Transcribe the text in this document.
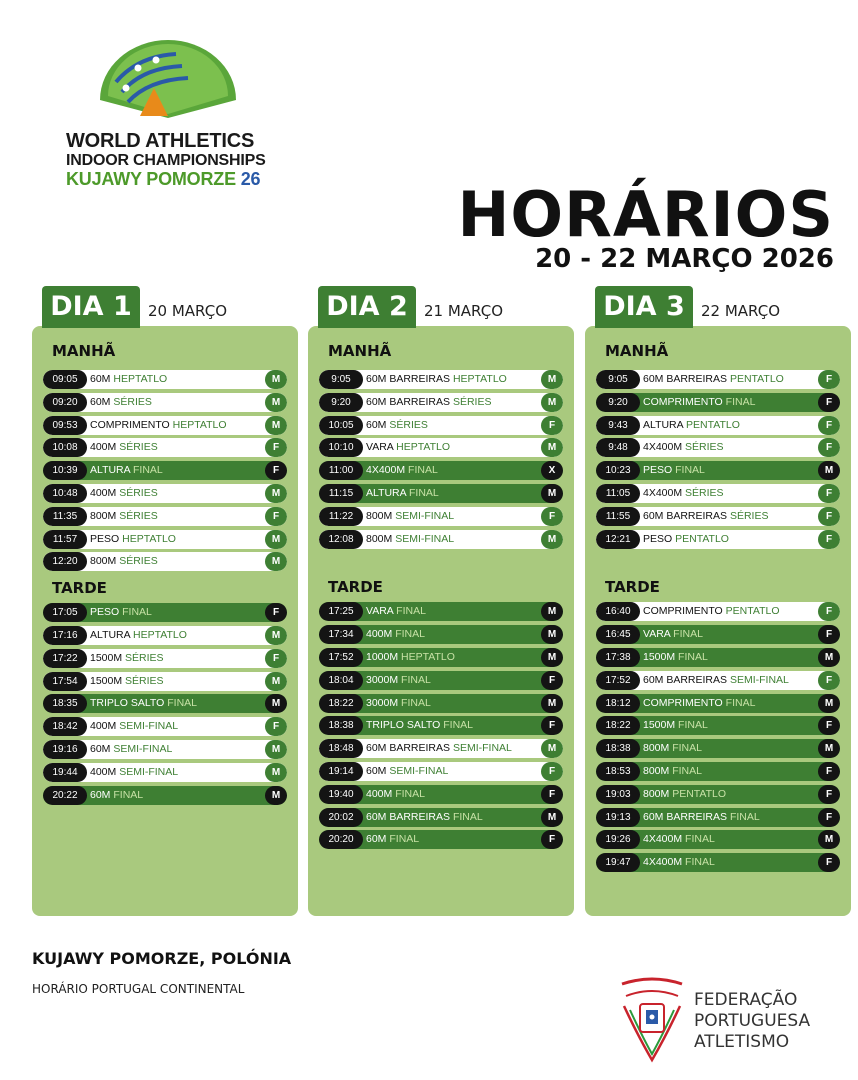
WORLD ATHLETICS
INDOOR CHAMPIONSHIPS
KUJAWY POMORZE 26	HORÁRIOS
20 - 22 MARÇO 2026
DIA 1	20 MARÇO
MANHÃ
09:05	60M HEPTATLO	M
09:20	60M SÉRIES	M
09:53	COMPRIMENTO HEPTATLO	M
10:08	400M SÉRIES	F
10:39	ALTURA FINAL	F
10:48	400M SÉRIES	M
11:35	800M SÉRIES	F
11:57	PESO HEPTATLO	M
12:20	800M SÉRIES	M
TARDE
17:05	PESO FINAL	F
17:16	ALTURA HEPTATLO	M
17:22	1500M SÉRIES	F
17:54	1500M SÉRIES	M
18:35	TRIPLO SALTO FINAL	M
18:42	400M SEMI-FINAL	F
19:16	60M SEMI-FINAL	M
19:44	400M SEMI-FINAL	M
20:22	60M FINAL	M
DIA 2	21 MARÇO
MANHÃ
9:05	60M BARREIRAS HEPTATLO	M
9:20	60M BARREIRAS SÉRIES	M
10:05	60M SÉRIES	F
10:10	VARA HEPTATLO	M
11:00	4X400M FINAL	X
11:15	ALTURA FINAL	M
11:22	800M SEMI-FINAL	F
12:08	800M SEMI-FINAL	M
TARDE
17:25	VARA FINAL	M
17:34	400M FINAL	M
17:52	1000M HEPTATLO	M
18:04	3000M FINAL	F
18:22	3000M FINAL	M
18:38	TRIPLO SALTO FINAL	F
18:48	60M BARREIRAS SEMI-FINAL	M
19:14	60M SEMI-FINAL	F
19:40	400M FINAL	F
20:02	60M BARREIRAS FINAL	M
20:20	60M FINAL	F
DIA 3	22 MARÇO
MANHÃ
9:05	60M BARREIRAS PENTATLO	F
9:20	COMPRIMENTO FINAL	F
9:43	ALTURA PENTATLO	F
9:48	4X400M SÉRIES	F
10:23	PESO FINAL	M
11:05	4X400M SÉRIES	F
11:55	60M BARREIRAS SÉRIES	F
12:21	PESO PENTATLO	F
TARDE
16:40	COMPRIMENTO PENTATLO	F
16:45	VARA FINAL	F
17:38	1500M FINAL	M
17:52	60M BARREIRAS SEMI-FINAL	F
18:12	COMPRIMENTO FINAL	M
18:22	1500M FINAL	F
18:38	800M FINAL	M
18:53	800M FINAL	F
19:03	800M PENTATLO	F
19:13	60M BARREIRAS FINAL	F
19:26	4X400M FINAL	M
19:47	4X400M FINAL	F
KUJAWY POMORZE, POLÓNIA
HORÁRIO PORTUGAL CONTINENTAL
FEDERAÇÃO
PORTUGUESA
ATLETISMO
